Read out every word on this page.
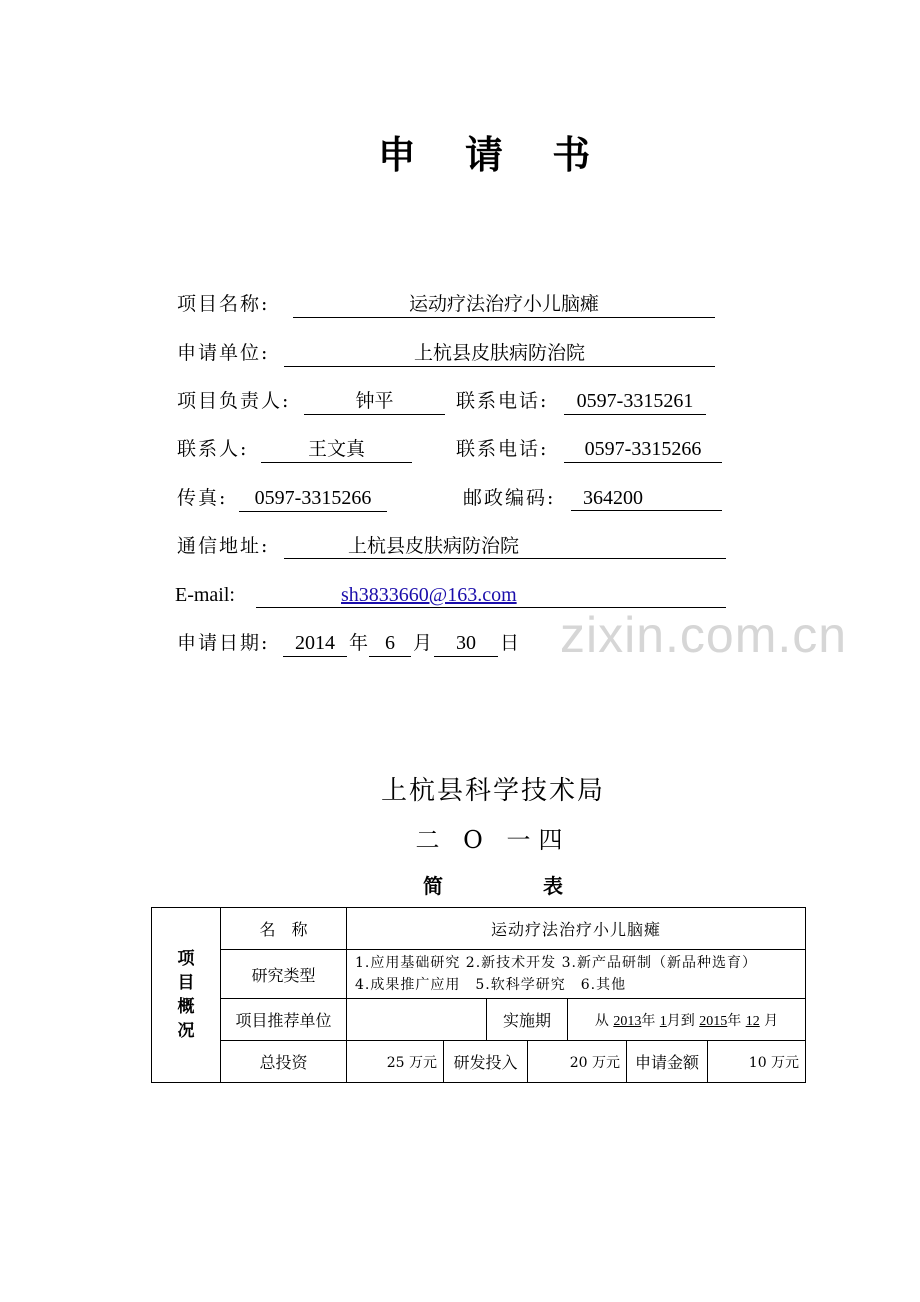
申 请 书
项目名称:	运动疗法治疗小儿脑瘫
申请单位:	上杭县皮肤病防治院
项目负责人:	钟平	联系电话:	0597-3315261
联系人:	王文真	联系电话:	0597-3315266
传真:	0597-3315266	邮政编码:	364200
通信地址:	上杭县皮肤病防治院
E-mail:	sh3833660@163.com
申请日期:	2014 年 6 月	30	日 zixin.com.cn
上杭县科学技术局
二 O 一四
简	表
项
目
概
况	名　称	运动疗法治疗小儿脑瘫						
	研究类型	1.应用基础研究 2.新技术开发 3.新产品研制（新品种选育）
4.成果推广应用　5.软科学研究　6.其他						

	项目推荐单位			实施期		从 2013年 1月到 2015年 12 月		
	总投资	25 万元	研发投入		20 万元		申请金额	10 万元
